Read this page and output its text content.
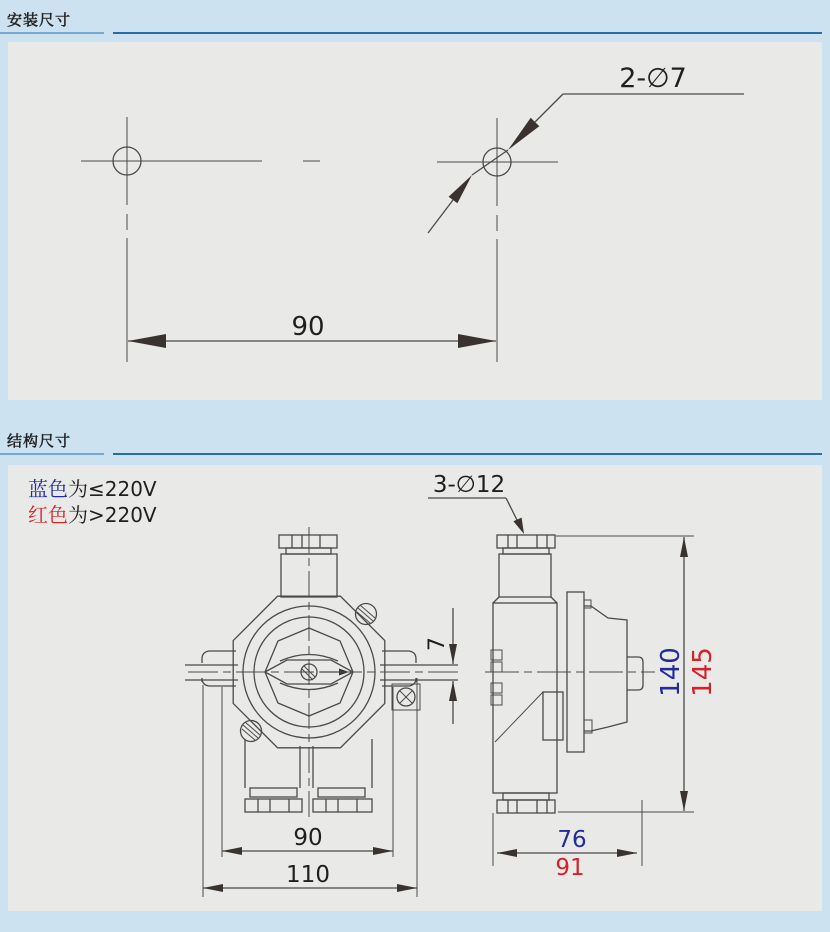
安装尺寸
2-∅7
90
结构尺寸
蓝色为≤220V
红色为>220V
3-∅12
7
90
110
140 145
76
91
